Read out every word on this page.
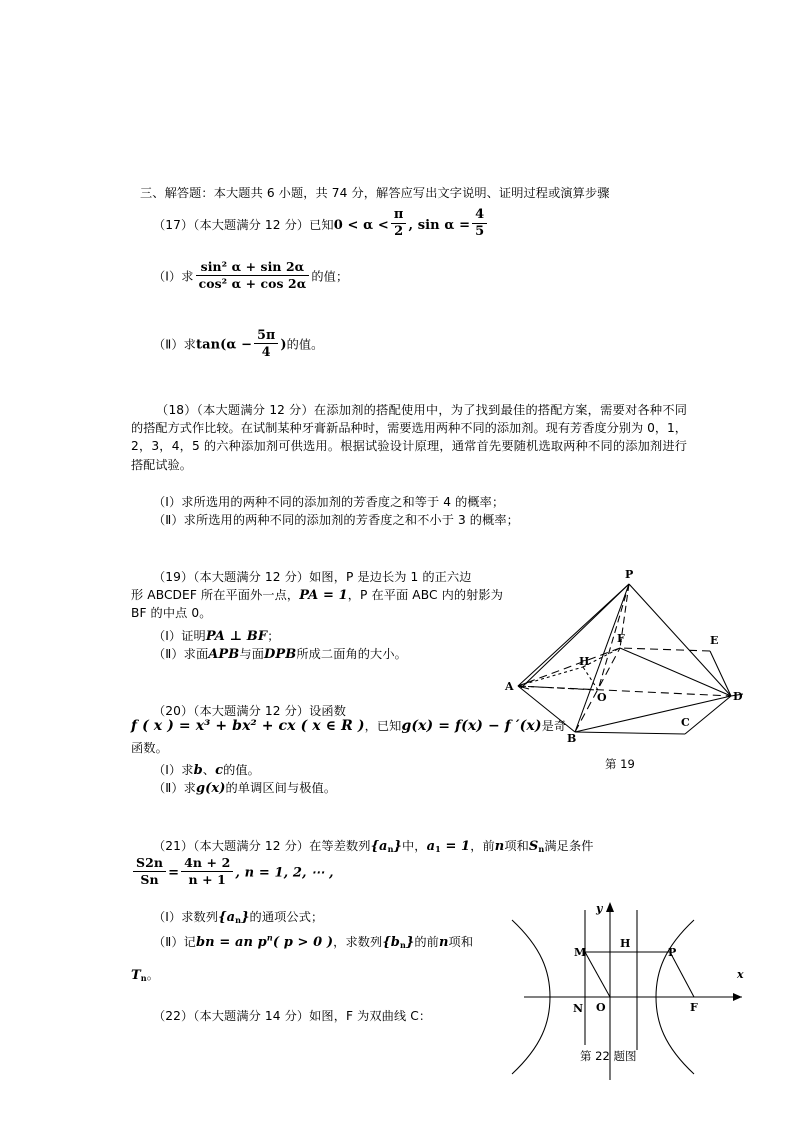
三、解答题：本大题共 6 小题，共 74 分，解答应写出文字说明、证明过程或演算步骤
（17）（本大题满分 12 分）已知$0 < \alpha < \frac{\pi}{2}$ , $\sin \alpha = \frac{4}{5}$
（Ⅰ）求 $\frac{\text{sin² α + sin 2α}}{\text{cos² α + cos 2α}}$ 的值；
（Ⅱ）求$\tan(\alpha - \frac{5\pi}{4}$ )的值。
（18）（本大题满分 12 分）在添加剂的搭配使用中，为了找到最佳的搭配方案，需要对各种不同的搭配方式作比较。在试制某种牙膏新品种时，需要选用两种不同的添加剂。现有芳香度分别为 0，1，2，3，4，5 的六种添加剂可供选用。根据试验设计原理，通常首先要随机选取两种不同的添加剂进行搭配试验。
（Ⅰ）求所选用的两种不同的添加剂的芳香度之和等于 4 的概率；
（Ⅱ）求所选用的两种不同的添加剂的芳香度之和不小于 3 的概率；
（19）（本大题满分 12 分）如图，P 是边长为 1 的正六边
形 ABCDEF 所在平面外一点，PA = 1，P 在平面 ABC 内的射影为
BF 的中点 0。
（Ⅰ）证明PA ⊥ BF；
（Ⅱ）求面APB与面DPB所成二面角的大小。
P
F	E
H
A
O	D
B
C
第 19
（20）（本大题满分 12 分）设函数
f ( x ) = x³ + bx² + cx ( x ∈ R )，已知g(x) = f(x) − f ′(x)是奇
函数。
（Ⅰ）求b、c的值。
（Ⅱ）求g(x)的单调区间与极值。
（21）（本大题满分 12 分）在等差数列$\{a_n\}$中，$a_1 = 1$，前n项和$S_n$满足条件
$\frac{S2n}{Sn} = \frac{4n + 2}{n + 1}$ , n = 1, 2, ⋯ ,
（Ⅰ）求数列$\{a_n\}$的通项公式；
（Ⅱ）记bn = an $p^n$( p > 0 )，求数列$\{b_n\}$的前n项和
$T_n$。
（22）（本大题满分 14 分）如图，F 为双曲线 C：
M
H
P
N O	F
x
y
第 22 题图
